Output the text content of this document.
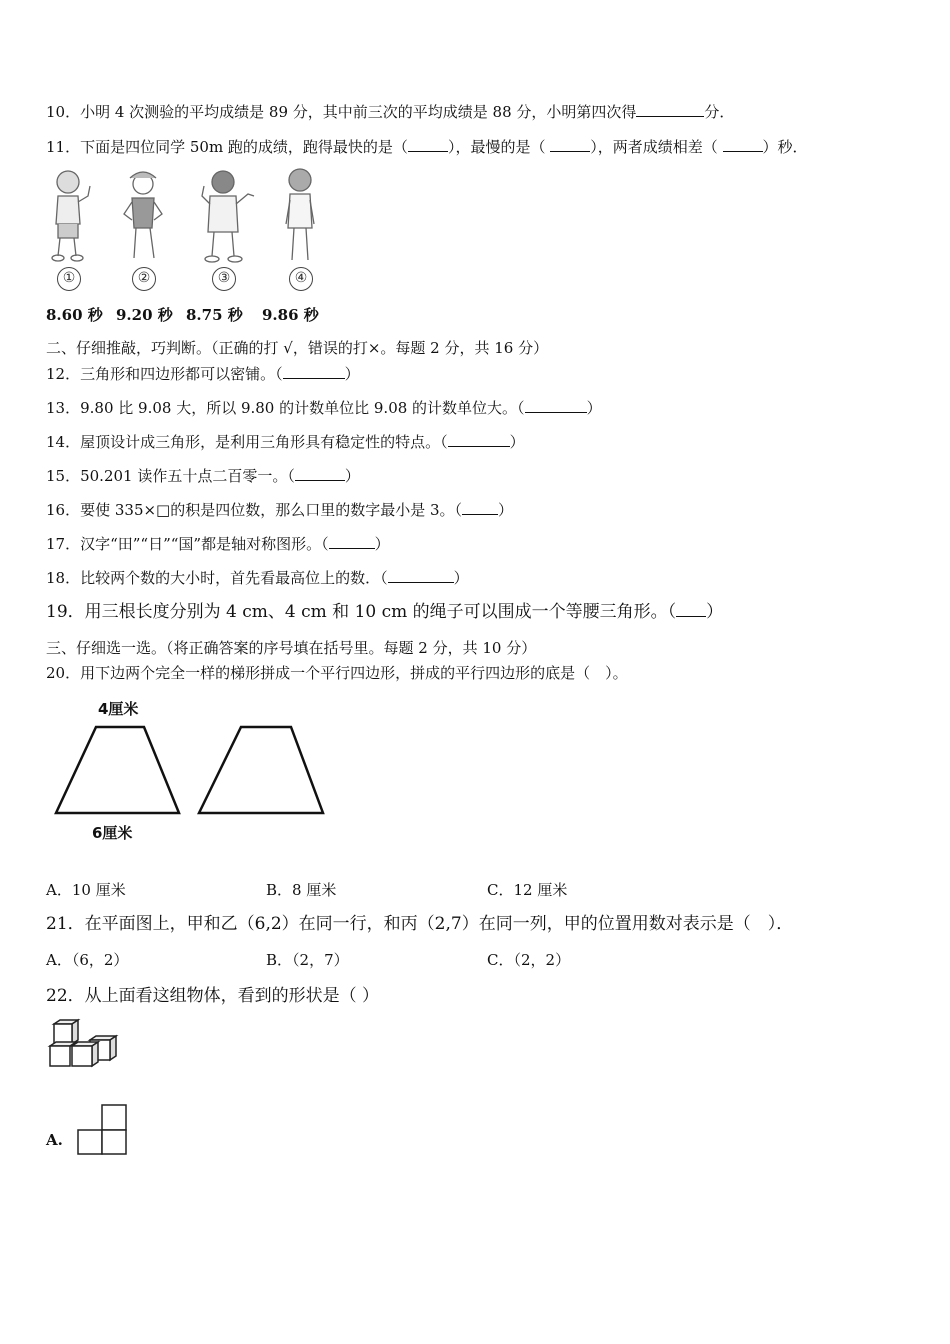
10．小明 4 次测验的平均成绩是 89 分，其中前三次的平均成绩是 88 分，小明第四次得	分．
11．下面是四位同学 50m 跑的成绩，跑得最快的是（	），最慢的是（	），两者成绩相差（	）秒．
①	②	③	④
8.60 秒 9.20 秒 8.75 秒 9.86 秒
二、仔细推敲，巧判断。（正确的打 √，错误的打×。每题 2 分，共 16 分）
12．三角形和四边形都可以密铺。（	）
13．9.80 比 9.08 大，所以 9.80 的计数单位比 9.08 的计数单位大。（	）
14．屋顶设计成三角形，是利用三角形具有稳定性的特点。（	）
15．50.201 读作五十点二百零一。（	）
16．要使 335×□的积是四位数，那么口里的数字最小是 3。（ ）
17．汉字“田”“日”“国”都是轴对称图形。（	）
18．比较两个数的大小时，首先看最高位上的数．（	）
19．用三根长度分别为 4 cm、4 cm 和 10 cm 的绳子可以围成一个等腰三角形。（ ）
三、仔细选一选。（将正确答案的序号填在括号里。每题 2 分，共 10 分）
20．用下边两个完全一样的梯形拼成一个平行四边形，拼成的平行四边形的底是（　）。
4厘米
6厘米
A．10 厘米	B．8 厘米	C．12 厘米
21．在平面图上，甲和乙（6,2）在同一行，和丙（2,7）在同一列，甲的位置用数对表示是（　）．
A．（6，2）	B．（2，7）	C．（2，2）
22．从上面看这组物体，看到的形状是（ ）
A.
